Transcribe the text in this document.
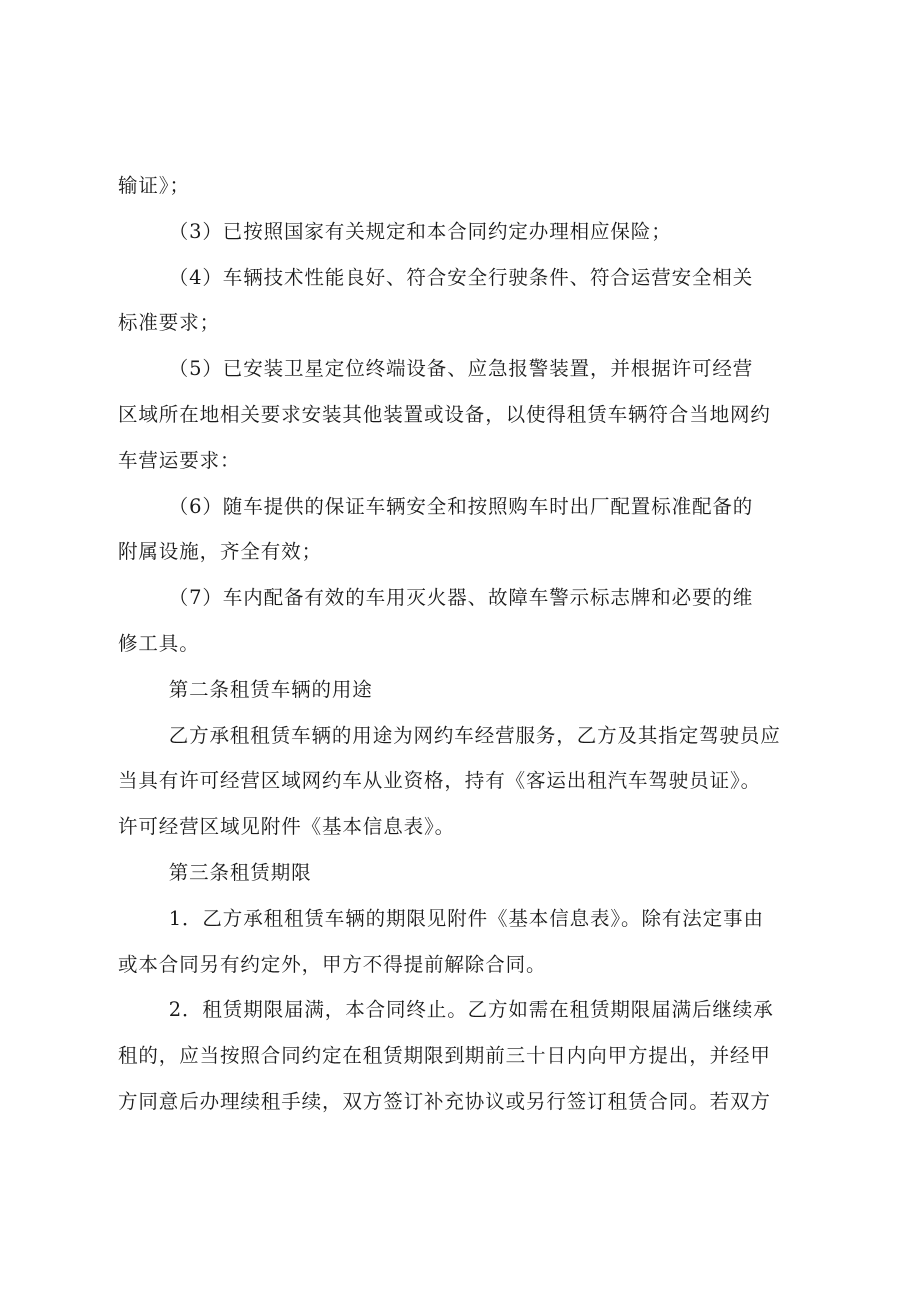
输证》；
（3）已按照国家有关规定和本合同约定办理相应保险；
（4）车辆技术性能良好、符合安全行驶条件、符合运营安全相关
标准要求；
（5）已安装卫星定位终端设备、应急报警装置，并根据许可经营
区域所在地相关要求安装其他装置或设备，以使得租赁车辆符合当地网约
车营运要求：
（6）随车提供的保证车辆安全和按照购车时出厂配置标准配备的
附属设施，齐全有效；
（7）车内配备有效的车用灭火器、故障车警示标志牌和必要的维
修工具。
第二条租赁车辆的用途
乙方承租租赁车辆的用途为网约车经营服务，乙方及其指定驾驶员应
当具有许可经营区域网约车从业资格，持有《客运出租汽车驾驶员证》。
许可经营区域见附件《基本信息表》。
第三条租赁期限
1．乙方承租租赁车辆的期限见附件《基本信息表》。除有法定事由
或本合同另有约定外，甲方不得提前解除合同。
2．租赁期限届满，本合同终止。乙方如需在租赁期限届满后继续承
租的，应当按照合同约定在租赁期限到期前三十日内向甲方提出，并经甲
方同意后办理续租手续，双方签订补充协议或另行签订租赁合同。若双方
